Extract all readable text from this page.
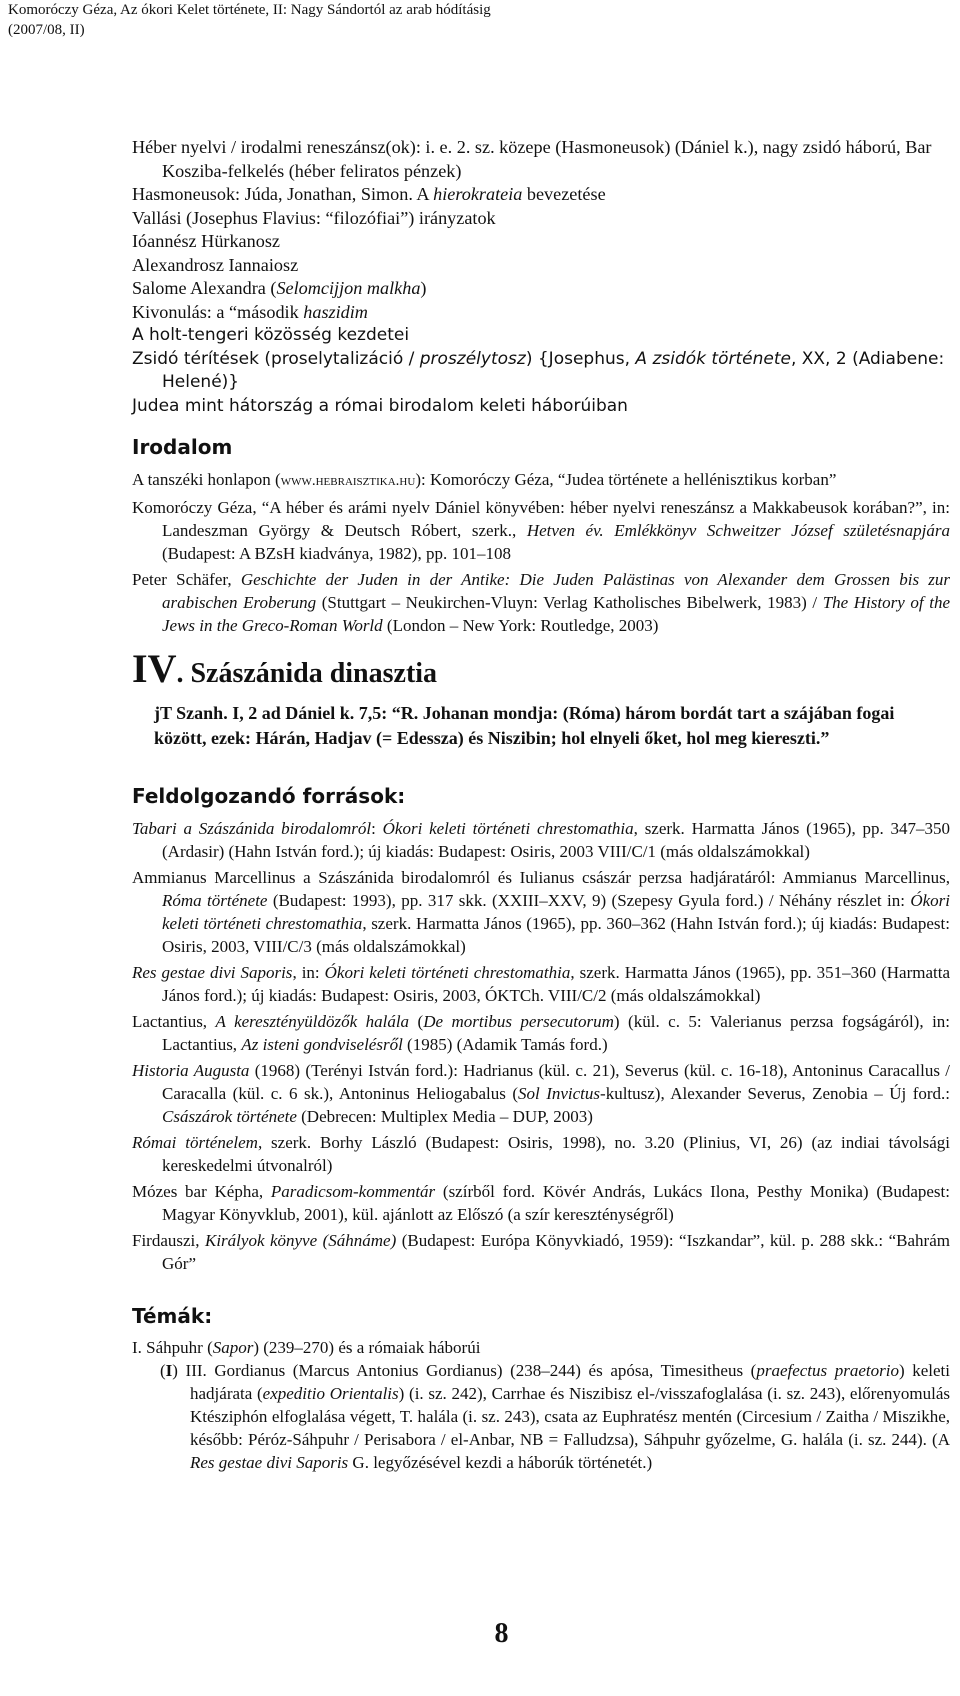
Komoróczy Géza, Az ókori Kelet története, II: Nagy Sándortól az arab hódításig
(2007/08, II)

Héber nyelvi / irodalmi reneszánsz(ok): i. e. 2. sz. közepe (Hasmoneusok) (Dániel k.), nagy zsidó háború, Bar Kosziba-felkelés (héber feliratos pénzek)

Hasmoneusok: Júda, Jonathan, Simon. A hierokrateia bevezetése

Vallási (Josephus Flavius: “filozófiai”) irányzatok

Ióannész Hürkanosz

Alexandrosz Iannaiosz

Salome Alexandra (Selomcijjon malkha)

Kivonulás: a “második haszidim

A holt-tengeri közösség kezdetei

Zsidó térítések (proselytalizáció / proszélytosz) {Josephus, A zsidók története, XX, 2 (Adiabene: Helené)}

Judea mint hátország a római birodalom keleti háborúiban

Irodalom

A tanszéki honlapon (www.hebraisztika.hu): Komoróczy Géza, “Judea története a hellénisztikus korban”

Komoróczy Géza, “A héber és arámi nyelv Dániel könyvében: héber nyelvi reneszánsz a Makkabeusok korában?”, in: Landeszman György & Deutsch Róbert, szerk., Hetven év. Emlékkönyv Schweitzer József születésnapjára (Budapest: A BZsH kiadványa, 1982), pp. 101–108

Peter Schäfer, Geschichte der Juden in der Antike: Die Juden Palästinas von Alexander dem Grossen bis zur arabischen Eroberung (Stuttgart – Neukirchen-Vluyn: Verlag Katholisches Bibelwerk, 1983) / The History of the Jews in the Greco-Roman World (London – New York: Routledge, 2003)

IV. Szászánida dinasztia
jT Szanh. I, 2 ad Dániel k. 7,5: “R. Johanan mondja: (Róma) három bordát tart a szájában fogai között, ezek: Hárán, Hadjav (= Edessza) és Niszibin; hol elnyeli őket, hol meg kiereszti.”
Feldolgozandó források:

Tabari a Szászánida birodalomról: Ókori keleti történeti chrestomathia, szerk. Harmatta János (1965), pp. 347–350 (Ardasir) (Hahn István ford.); új kiadás: Budapest: Osiris, 2003 VIII/C/1 (más oldalszámokkal)

Ammianus Marcellinus a Szászánida birodalomról és Iulianus császár perzsa hadjáratáról: Ammianus Marcellinus, Róma története (Budapest: 1993), pp. 317 skk. (XXIII–XXV, 9) (Szepesy Gyula ford.) / Néhány részlet in: Ókori keleti történeti chrestomathia, szerk. Harmatta János (1965), pp. 360–362 (Hahn István ford.); új kiadás: Budapest: Osiris, 2003, VIII/C/3 (más oldalszámokkal)

Res gestae divi Saporis, in: Ókori keleti történeti chrestomathia, szerk. Harmatta János (1965), pp. 351–360 (Harmatta János ford.); új kiadás: Budapest: Osiris, 2003, ÓKTCh. VIII/C/2 (más oldalszámokkal)

Lactantius, A keresztényüldözők halála (De mortibus persecutorum) (kül. c. 5: Valerianus perzsa fogságáról), in: Lactantius, Az isteni gondviselésről (1985) (Adamik Tamás ford.)

Historia Augusta (1968) (Terényi István ford.): Hadrianus (kül. c. 21), Severus (kül. c. 16-18), Antoninus Caracallus / Caracalla (kül. c. 6 sk.), Antoninus Heliogabalus (Sol Invictus-kultusz), Alexander Severus, Zenobia – Új ford.: Császárok története (Debrecen: Multiplex Media – DUP, 2003)

Római történelem, szerk. Borhy László (Budapest: Osiris, 1998), no. 3.20 (Plinius, VI, 26) (az indiai távolsági kereskedelmi útvonalról)

Mózes bar Képha, Paradicsom-kommentár (szírből ford. Kövér András, Lukács Ilona, Pesthy Monika) (Budapest: Magyar Könyvklub, 2001), kül. ajánlott az Előszó (a szír kereszténységről)

Firdauszi, Királyok könyve (Sáhnáme) (Budapest: Európa Könyvkiadó, 1959): “Iszkandar”, kül. p. 288 skk.: “Bahrám Gór”

Témák:

I. Sáhpuhr (Sapor) (239–270) és a rómaiak háborúi

(I) III. Gordianus (Marcus Antonius Gordianus) (238–244) és apósa, Timesitheus (praefectus praetorio) keleti hadjárata (expeditio Orientalis) (i. sz. 242), Carrhae és Niszibisz el-/visszafoglalása (i. sz. 243), előrenyomulás Ktésziphón elfoglalása végett, T. halála (i. sz. 243), csata az Euphratész mentén (Circesium / Zaitha / Miszikhe, később: Péróz-Sáhpuhr / Perisabora / el-Anbar, NB = Falludzsa), Sáhpuhr győzelme, G. halála (i. sz. 244). (A Res gestae divi Saporis G. legyőzésével kezdi a háborúk történetét.)

8
